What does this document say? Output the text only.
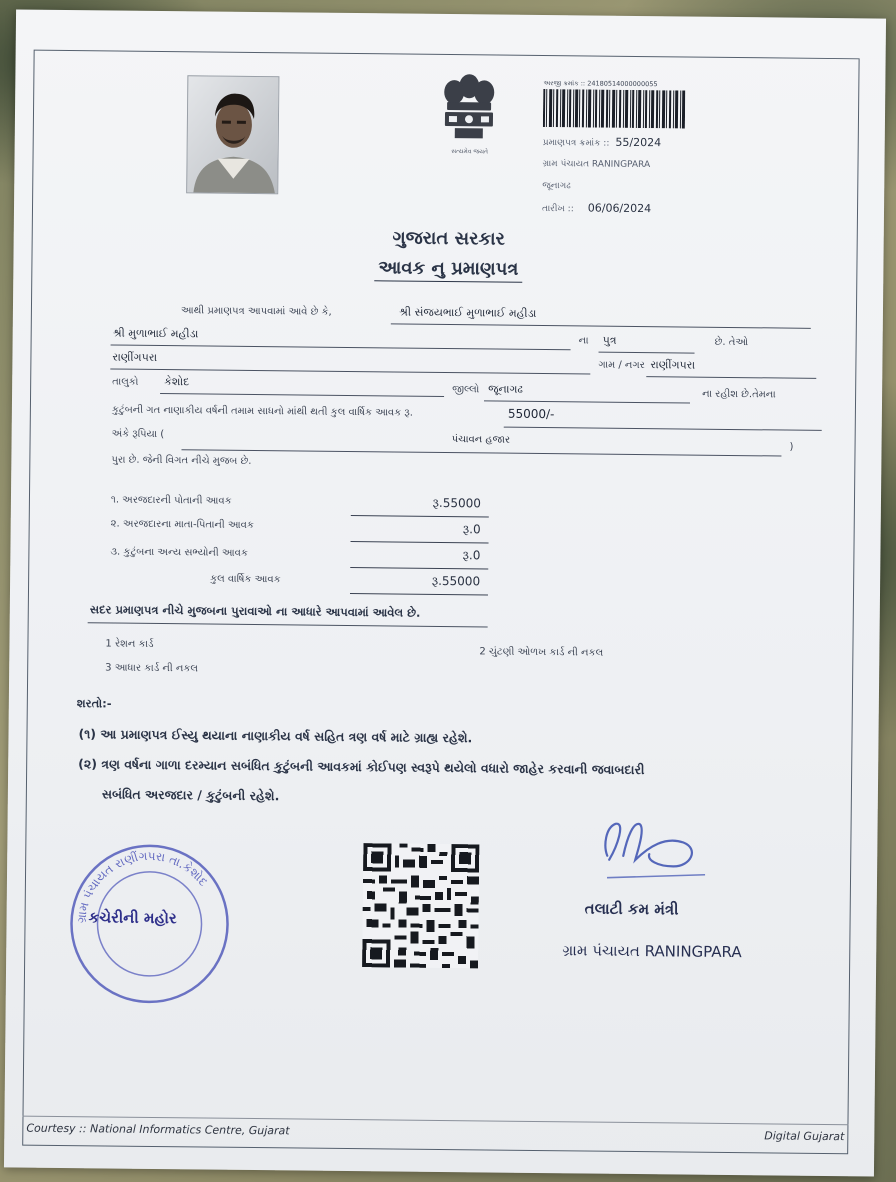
સત્યમેવ જયતે
અરજી ક્રમાંક :: 24180514000000055
પ્રમાણપત્ર ક્રમાંક :: 55/2024
ગ્રામ પંચાયત RANINGPARA
જૂનાગઢ
તારીખ :: 06/06/2024
ગુજરાત સરકાર
આવક નુ પ્રમાણપત્ર
આથી પ્રમાણપત્ર આપવામાં આવે છે કે,	શ્રી સંજયભાઈ મુળાભાઈ મહીડા
શ્રી મુળાભાઈ મહીડા
ના પુત્ર	છે. તેઓ
રાણીંગપરા
ગામ / નગર રાણીંગપરા
તાલુકો કેશોદ
જીલ્લો જૂનાગઢ	ના રહીશ છે.તેમના
કુટુંબની ગત નાણાકીય વર્ષની તમામ સાધનો માંથી થતી કુલ વાર્ષિક આવક રૂ.	55000/-
અંકે રૂપિયા (	પંચાવન હજાર
)
પુરા છે. જેની વિગત નીચે મુજબ છે.
૧. અરજદારની પોતાની આવક	રૂ.55000
૨. અરજદારના માતા-પિતાની આવક	રૂ.0
૩. કુટુંબના અન્ય સભ્યોની આવક	રૂ.0
કુલ વાર્ષિક આવક	રૂ.55000
સદર પ્રમાણપત્ર નીચે મુજબના પુરાવાઓ ના આધારે આપવામાં આવેલ છે.
1 રેશન કાર્ડ
2 ચુંટણી ઓળખ કાર્ડ ની નકલ
3 આધાર કાર્ડ ની નકલ
શરતો:-
(૧) આ પ્રમાણપત્ર ઈસ્યુ થયાના નાણાકીય વર્ષ સહિત ત્રણ વર્ષ માટે ગ્રાહ્ય રહેશે.
(૨) ત્રણ વર્ષના ગાળા દરમ્યાન સબંધિત કુટુંબની આવકમાં કોઈપણ સ્વરૂપે થયેલો વધારો જાહેર કરવાની જવાબદારી
સબંધિત અરજદાર / કુટુંબની રહેશે.
ગ્રામ પંચાયત રાણીંગપરા તા.કેશોદ
કચેરીની મહોર	તલાટી કમ મંત્રી
ગ્રામ પંચાયત RANINGPARA
Courtesy :: National Informatics Centre, Gujarat	Digital Gujarat
